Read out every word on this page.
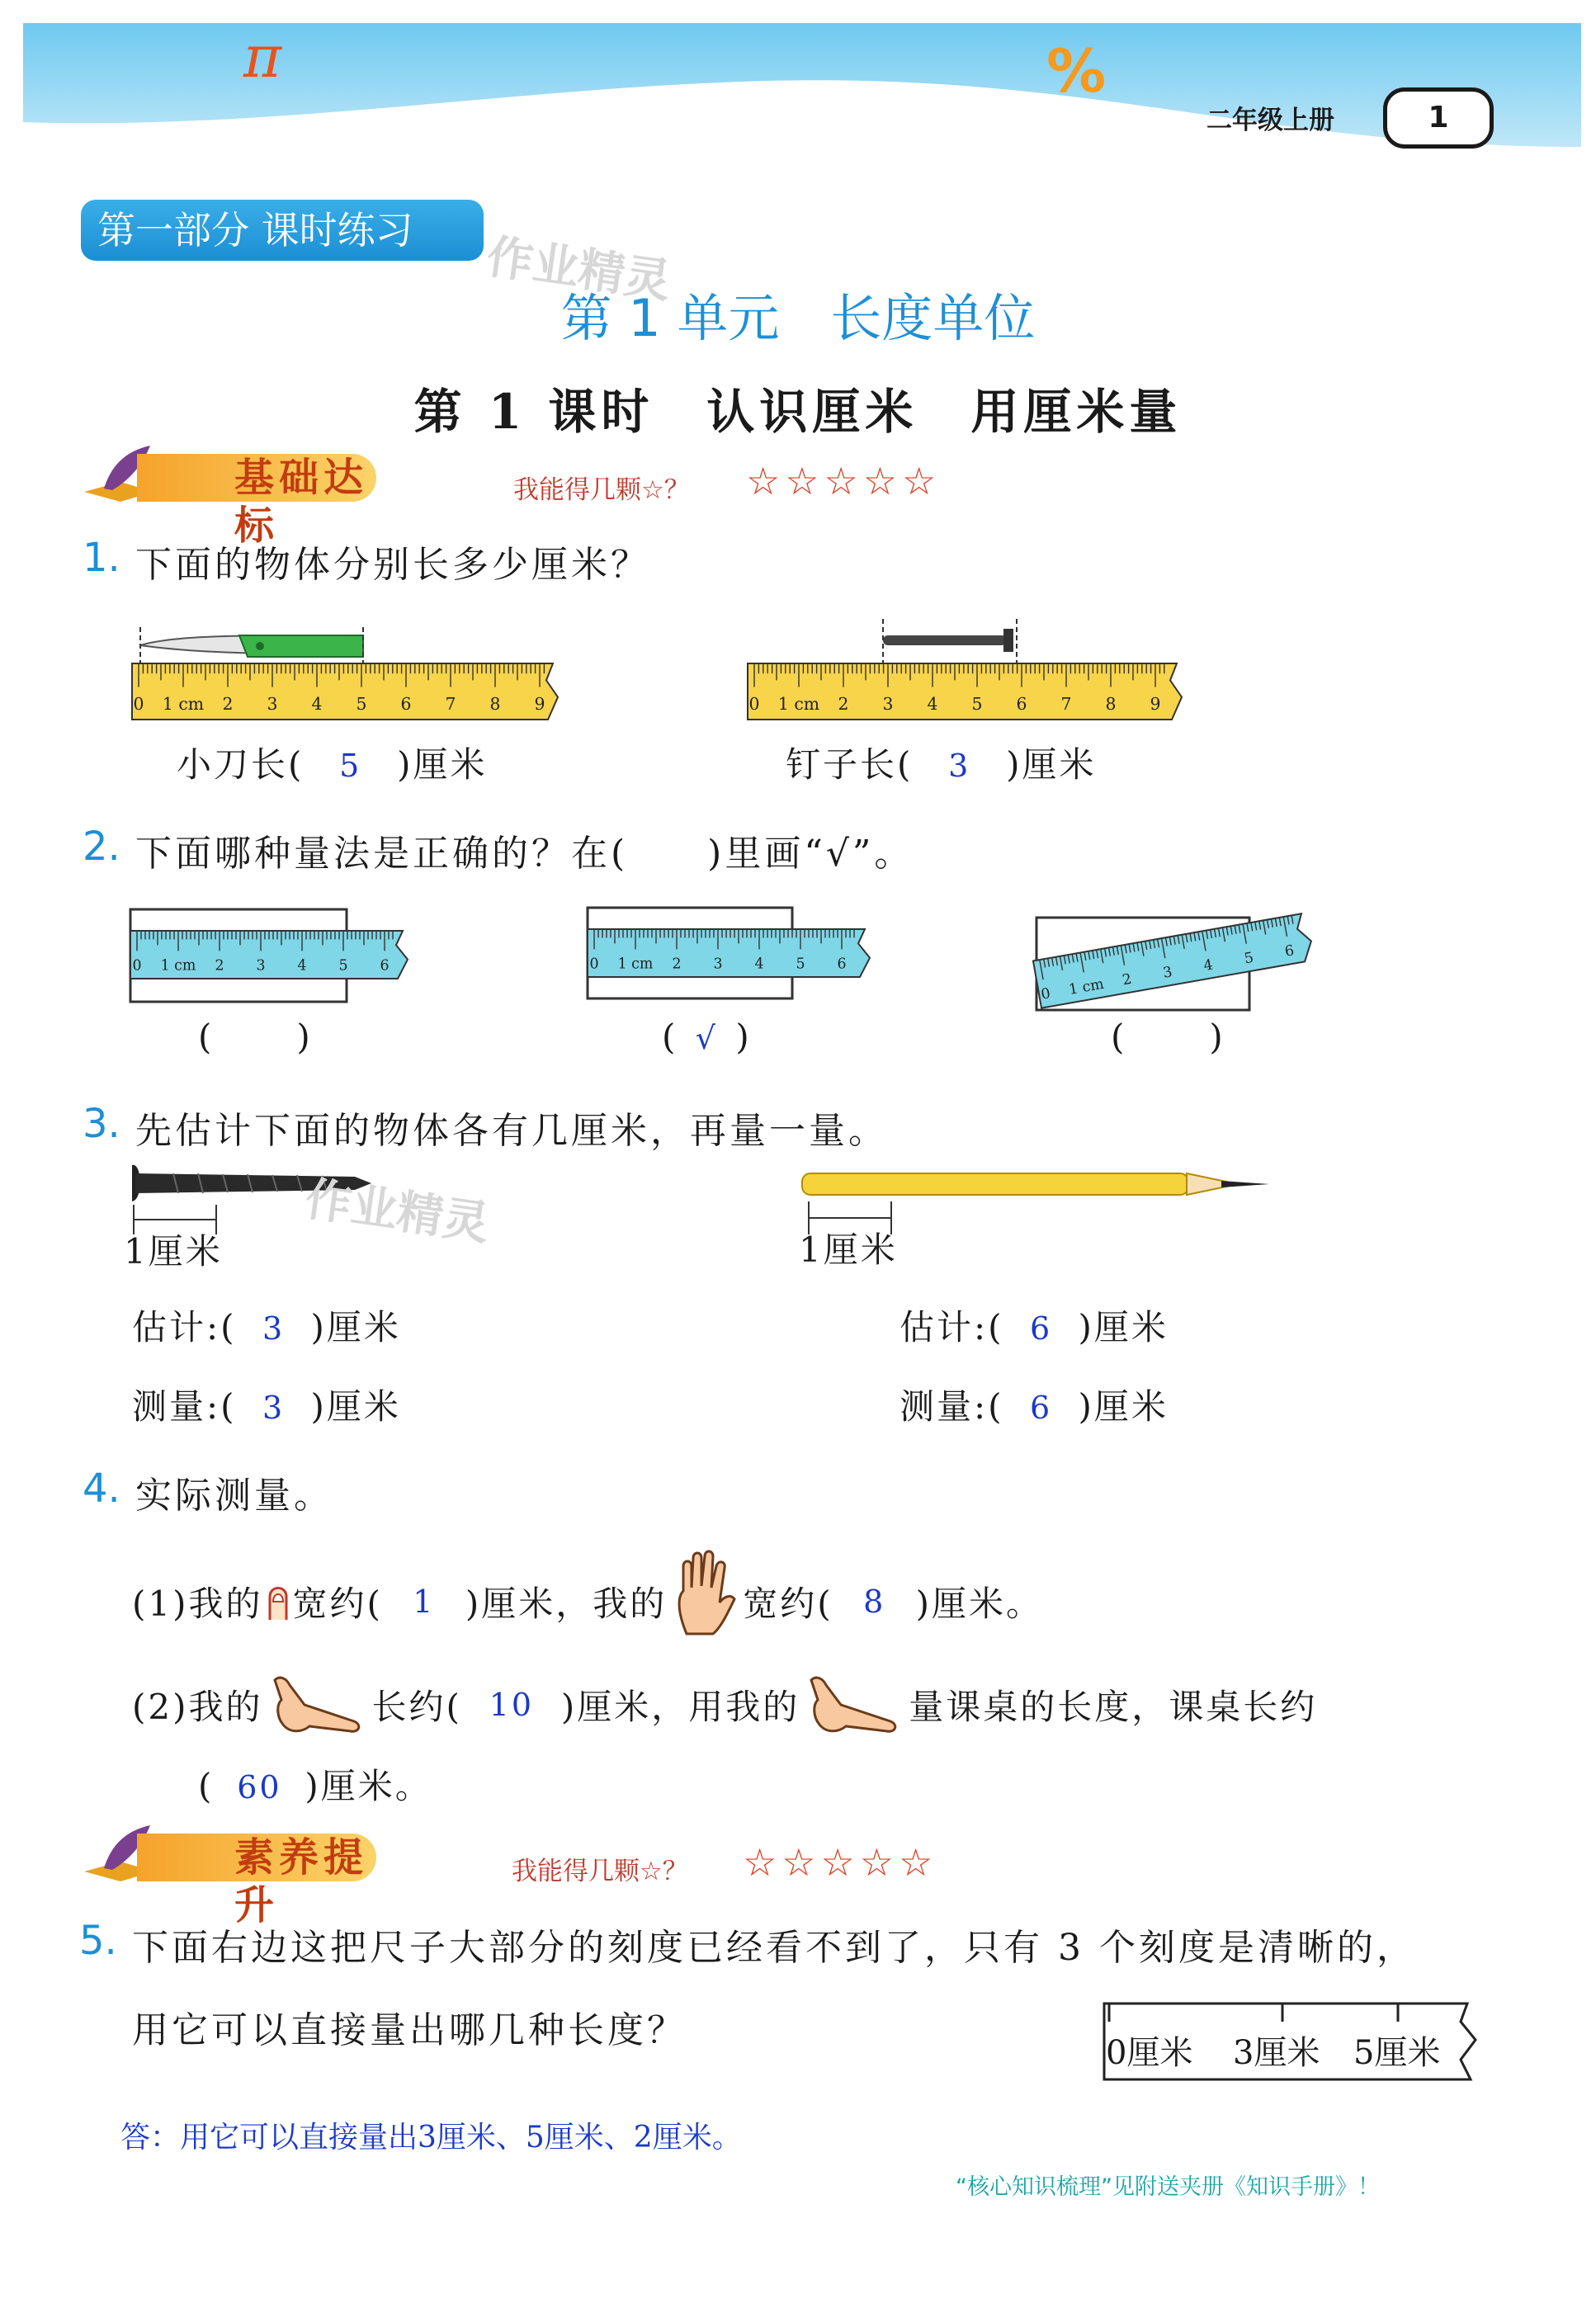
π	%
二年级上册	1
第一部分 课时练习	作业精灵
第 1 单元　长度单位
第 1 课时　认识厘米　用厘米量
基础达标
我能得几颗☆？ ☆☆☆☆☆
1. 下面的物体分别长多少厘米？
0 1 cm 2 3 4 5 6 7 8 9	0 1 cm 2 3 4 5 6 7 8 9
小刀长( 5 )厘米	钉子长( 3 )厘米
2. 下面哪种量法是正确的？在(　　)里画“√”。
0 1 cm 2 3 4 5 6	0 1 cm 2 3 4 5 6
0 1 cm 2 3 4 5 6
( )	( √ )	( )
3. 先估计下面的物体各有几厘米，再量一量。
1厘米
作业精灵	1厘米
估计:( 3 )厘米
测量:( 3 )厘米
估计:( 6 )厘米
测量:( 6 )厘米
4. 实际测量。
(1)我的 宽约( 1 )厘米，我的 宽约( 8 )厘米。
(2)我的	长约( 10 )厘米，用我的	量课桌的长度，课桌长约
( 60 )厘米。
素养提升
我能得几颗☆？ ☆☆☆☆☆
5. 下面右边这把尺子大部分的刻度已经看不到了，只有 3 个刻度是清晰的，
用它可以直接量出哪几种长度？
0厘米 3厘米 5厘米
答：用它可以直接量出3厘米、5厘米、2厘米。
“核心知识梳理”见附送夹册《知识手册》！
